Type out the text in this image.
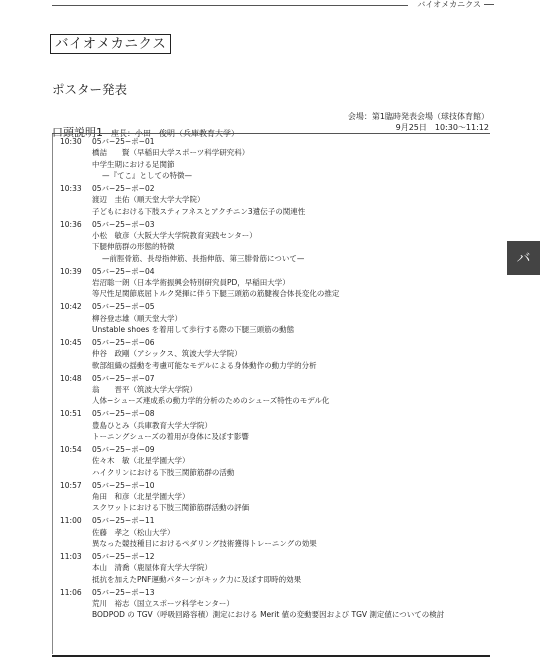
バイオメカニクス
バイオメカニクス
ポスター発表
会場：第1臨時発表会場（球技体育館）
口頭説明1 座長：小田　俊明（兵庫教育大学）
9月25日　10:30〜11:12
10:30 05バ−25−ポ−01
橋詰　　賢（早稲田大学スポーツ科学研究科）
中学生期における足関節
—『てこ』としての特徴—
10:33 05バ−25−ポ−02
渡辺　圭佑（順天堂大学大学院）
子どもにおける下肢スティフネスとアクチニン3遺伝子の関連性
10:36 05バ−25−ポ−03
小松　敏彦（大阪大学大学院教育実践センター）
下腿伸筋群の形態的特徴
—前脛骨筋、長母指伸筋、長指伸筋、第三腓骨筋について—
10:39 05バ−25−ポ−04
岩沼聡一朗（日本学術振興会特別研究員PD，早稲田大学）
等尺性足関節底屈トルク発揮に伴う下腿三頭筋の筋腱複合体長変化の推定
10:42 05バ−25−ポ−05
柳谷登志雄（順天堂大学）
Unstable shoes を着用して歩行する際の下腿三頭筋の動態
10:45 05バ−25−ポ−06
仲谷　政剛（アシックス、筑波大学大学院）
軟部組織の揺動を考慮可能なモデルによる身体動作の動力学的分析
10:48 05バ−25−ポ−07
翁　　晋平（筑波大学大学院）
人体−シューズ連成系の動力学的分析のためのシューズ特性のモデル化
10:51 05バ−25−ポ−08
豊島ひとみ（兵庫教育大学大学院）
トーニングシューズの着用が身体に及ぼす影響
10:54 05バ−25−ポ−09
佐々木　敏（北星学園大学）
ハイクリンにおける下肢三関節筋群の活動
10:57 05バ−25−ポ−10
角田　和彦（北星学園大学）
スクワットにおける下肢三関節筋群活動の評価
11:00 05バ−25−ポ−11
佐藤　孝之（松山大学）
異なった競技種目におけるペダリング技術獲得トレーニングの効果
11:03 05バ−25−ポ−12
本山　清喬（鹿屋体育大学大学院）
抵抗を加えたPNF運動パターンがキック力に及ぼす即時的効果
11:06 05バ−25−ポ−13
荒川　裕志（国立スポーツ科学センター）
BODPOD の TGV（呼吸回路容積）測定における Merit 値の変動要因および TGV 測定値についての検討
バ
